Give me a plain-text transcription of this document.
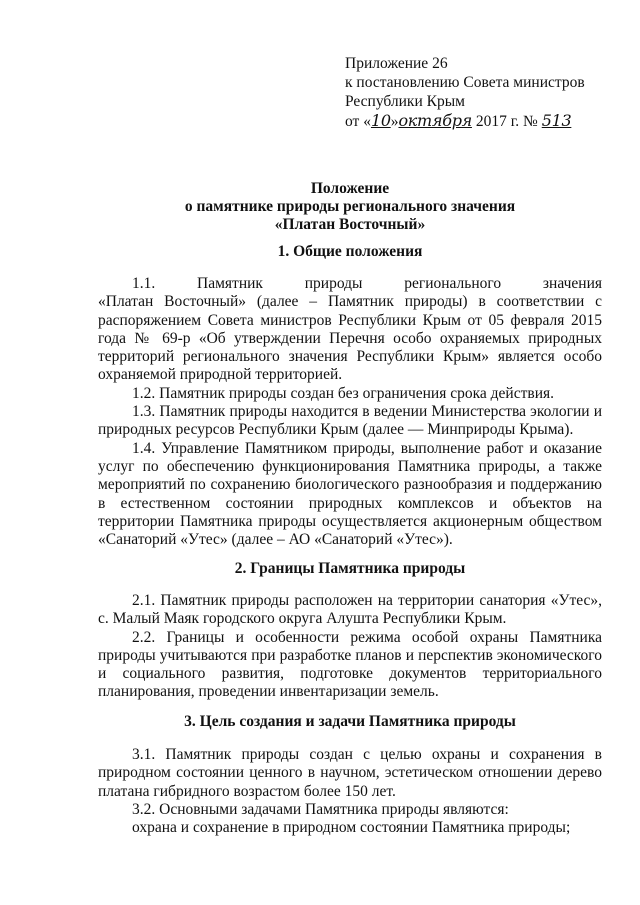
Приложение 26
к постановлению Совета министров
Республики Крым
от «10»октября 2017 г. № 513
Положение
о памятнике природы регионального значения
«Платан Восточный»
1. Общие положения

1.1. Памятник природы регионального значения

«Платан Восточный» (далее – Памятник природы) в соответствии с распоряжением Совета министров Республики Крым от 05 февраля 2015 года № 69-р «Об утверждении Перечня особо охраняемых природных территорий регионального значения Республики Крым» является особо охраняемой природной территорией.

1.2. Памятник природы создан без ограничения срока действия.

1.3. Памятник природы находится в ведении Министерства экологии и природных ресурсов Республики Крым (далее — Минприроды Крыма).

1.4. Управление Памятником природы, выполнение работ и оказание услуг по обеспечению функционирования Памятника природы, а также мероприятий по сохранению биологического разнообразия и поддержанию в естественном состоянии природных комплексов и объектов на территории Памятника природы осуществляется акционерным обществом «Санаторий «Утес» (далее – АО «Санаторий «Утес»).

2. Границы Памятника природы

2.1. Памятник природы расположен на территории санатория «Утес», с. Малый Маяк городского округа Алушта Республики Крым.

2.2. Границы и особенности режима особой охраны Памятника природы учитываются при разработке планов и перспектив экономического и социального развития, подготовке документов территориального планирования, проведении инвентаризации земель.

3. Цель создания и задачи Памятника природы

3.1. Памятник природы создан с целью охраны и сохранения в природном состоянии ценного в научном, эстетическом отношении дерево платана гибридного возрастом более 150 лет.

3.2. Основными задачами Памятника природы являются:

охрана и сохранение в природном состоянии Памятника природы;
